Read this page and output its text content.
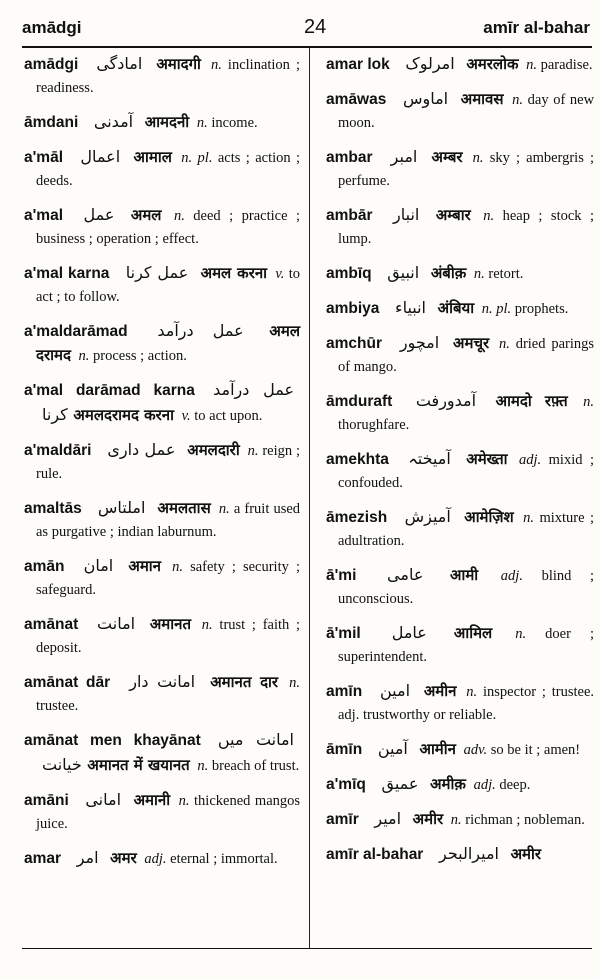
amādgi	24	amīr al-bahar
amādgi امادگی अमादगी n. inclination ; readiness.
āmdani آمدنی आमदनी n. income.
a'māl اعمال आमाल n. pl. acts ; action ; deeds.
a'mal عمل अमल n. deed ; practice ; business ; operation ; effect.
a'mal karna عمل کرنا अमल करना v. to act ; to follow.
a'maldarāmad عمل درآمد अमल दरामद n. process ; action.
a'mal darāmad karna عمل درآمد کرنا अमलदरामद करना v. to act upon.
a'maldāri عمل داری अमलदारी n. reign ; rule.
amaltās املتاس अमलतास n. a fruit used as purgative ; indian laburnum.
amān امان अमान n. safety ; security ; safeguard.
amānat امانت अमानत n. trust ; faith ; deposit.
amānat dār امانت دار अमानत दार n. trustee.
amānat men khayānat امانت میں خیانت अमानत में खयानत n. breach of trust.
amāni امانی अमानी n. thickened mangos juice.
amar امر अमर adj. eternal ; immortal.
amar lok امرلوک अमरलोक n. paradise.
amāwas اماوس अमावस n. day of new moon.
ambar امبر अम्बर n. sky ; ambergris ; perfume.
ambār انبار अम्बार n. heap ; stock ; lump.
ambīq انبیق अंबीक़ n. retort.
ambiya انبیاء अंबिया n. pl. prophets.
amchūr امچور अमचूर n. dried parings of mango.
āmduraft آمدورفت आमदो रफ़्त n. thorughfare.
amekhta آمیختہ अमेख्ता adj. mixid ; confouded.
āmezish آمیزش आमेज़िश n. mixture ; adultration.
ā'mi عامی आमी adj. blind ; unconscious.
ā'mil عامل आमिल n. doer ; superintendent.
amīn امین अमीन n. inspector ; trustee. adj. trustworthy or reliable.
āmīn آمین आमीन adv. so be it ; amen!
a'mīq عمیق अमीक़ adj. deep.
amīr امیر अमीर n. richman ; nobleman.
amīr al-bahar امیرالبحر अमीर
